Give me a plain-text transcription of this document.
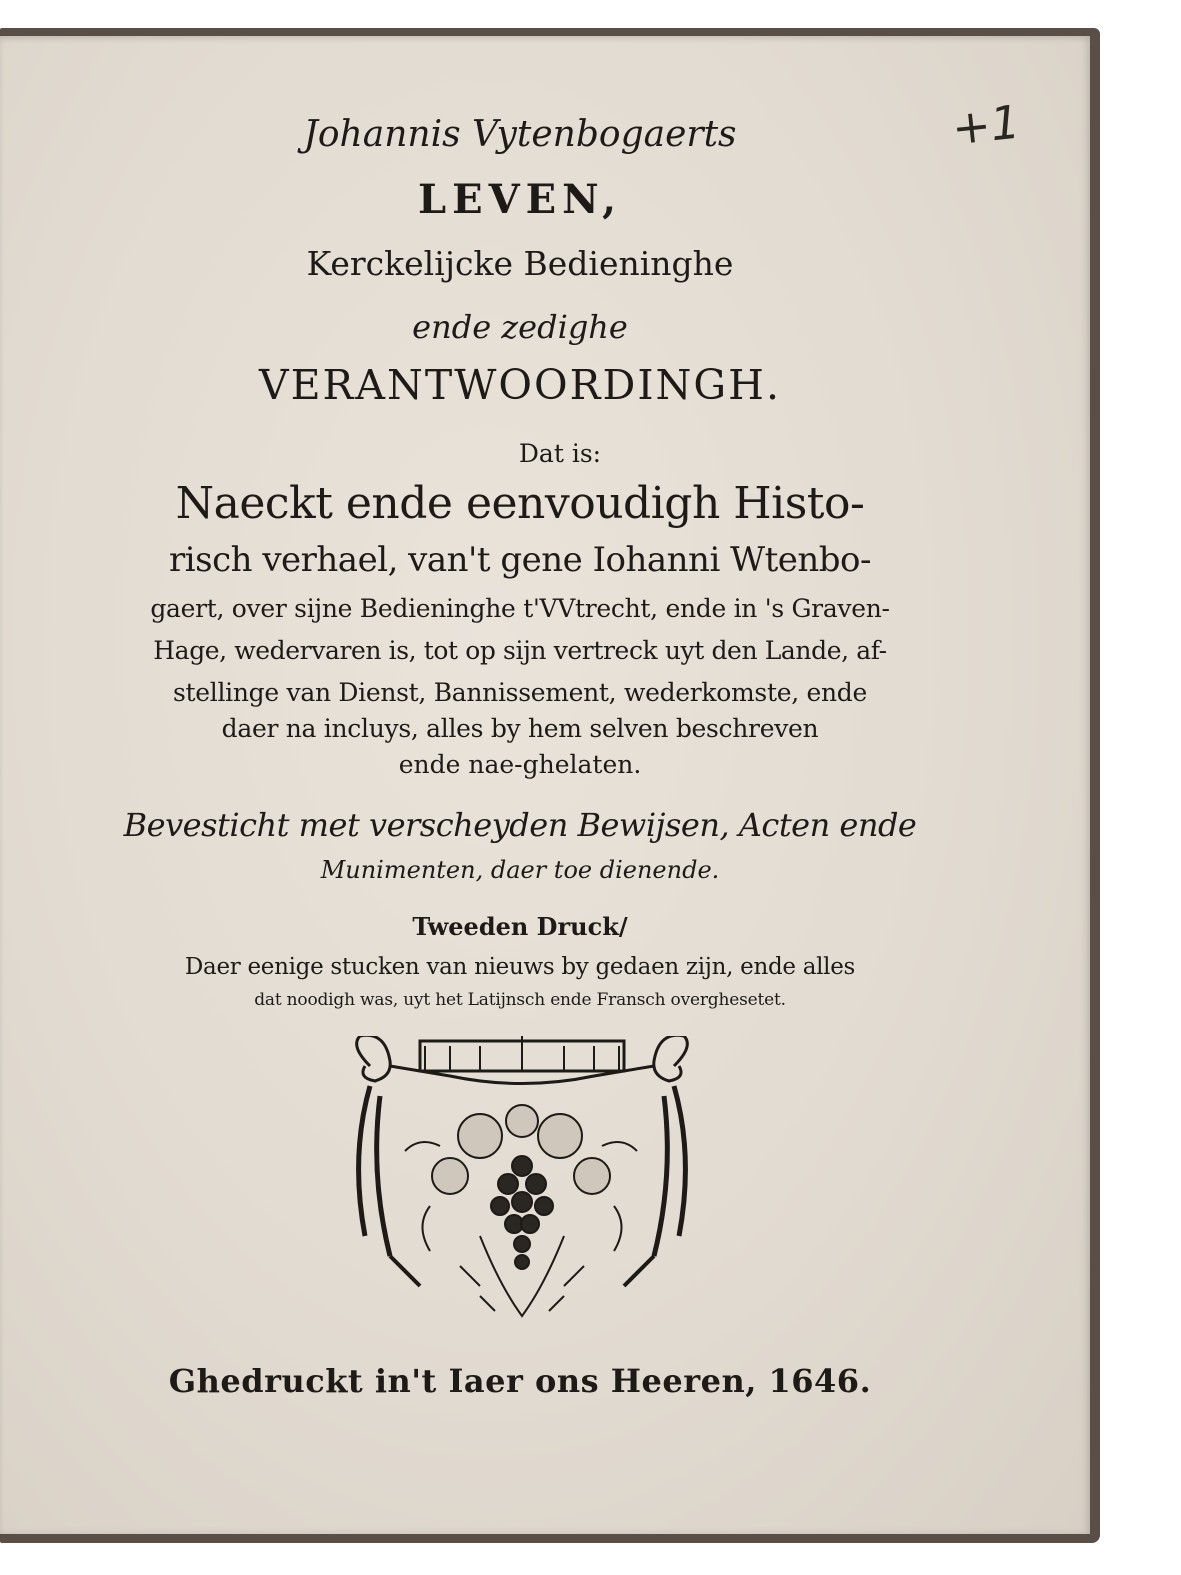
+1
Johannis Vytenbogaerts
LEVEN,
Kerckelijcke Bedieninghe
ende zedighe
VERANTWOORDINGH.
Dat is:
Naeckt ende eenvoudigh Histo-
risch verhael, van't gene Iohanni Wtenbo-
gaert, over sijne Bedieninghe t'VVtrecht, ende in 's Graven-
Hage, wedervaren is, tot op sijn vertreck uyt den Lande, af-
stellinge van Dienst, Bannissement, wederkomste, ende
daer na incluys, alles by hem selven beschreven
ende nae-ghelaten.
Bevesticht met verscheyden Bewijsen, Acten ende
Munimenten, daer toe dienende.
Tweeden Druck/
Daer eenige stucken van nieuws by gedaen zijn, ende alles
dat noodigh was, uyt het Latijnsch ende Fransch overghesetet.
Ghedruckt in't Iaer ons Heeren, 1646.
